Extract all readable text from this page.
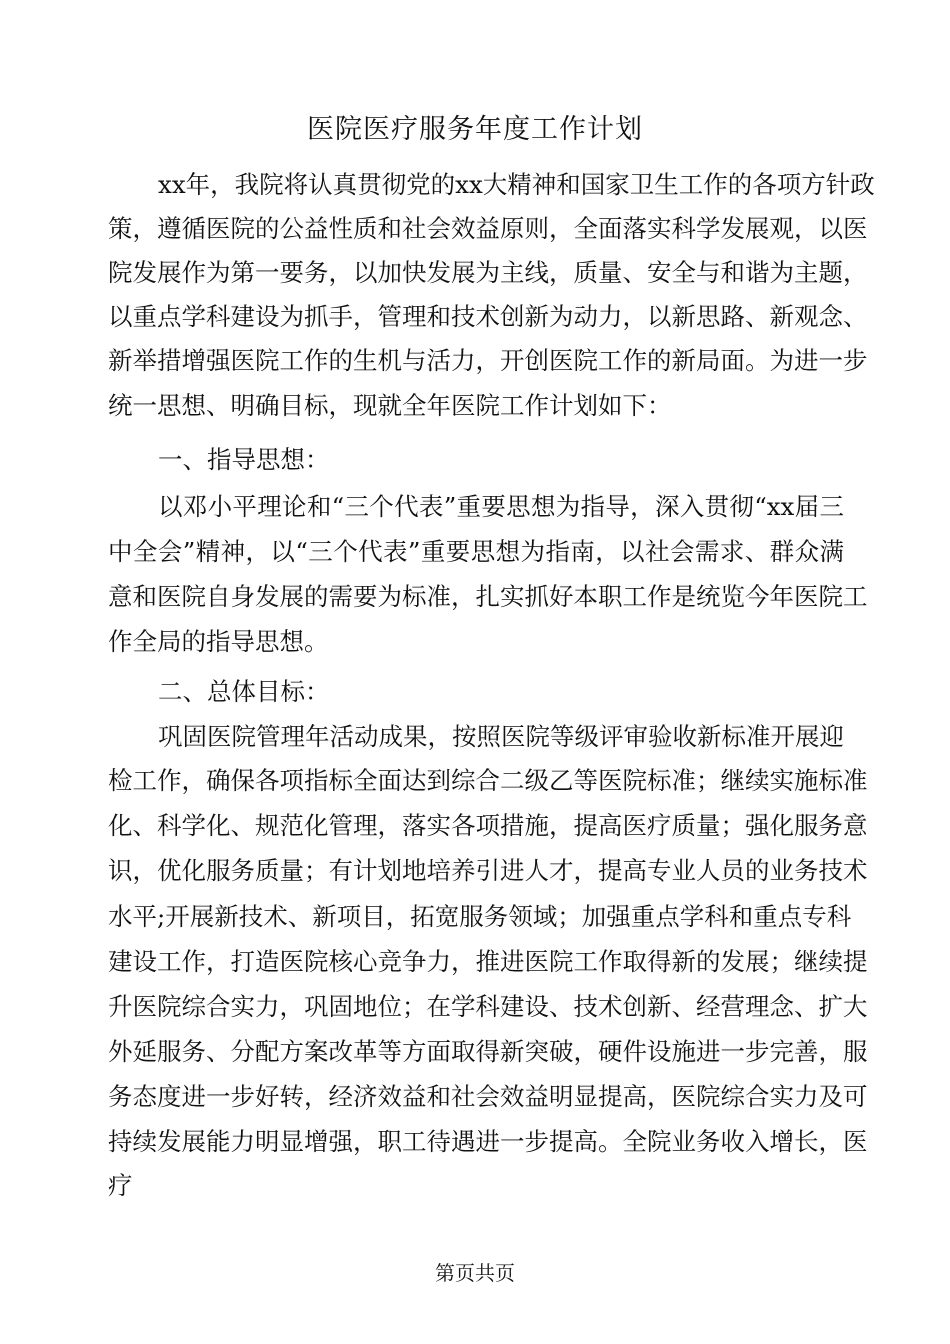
医院医疗服务年度工作计划
xx年，我院将认真贯彻党的xx大精神和国家卫生工作的各项方针政
策，遵循医院的公益性质和社会效益原则，全面落实科学发展观，以医
院发展作为第一要务，以加快发展为主线，质量、安全与和谐为主题，
以重点学科建设为抓手，管理和技术创新为动力，以新思路、新观念、
新举措增强医院工作的生机与活力，开创医院工作的新局面。为进一步
统一思想、明确目标，现就全年医院工作计划如下：
一、指导思想：
以邓小平理论和“三个代表”重要思想为指导，深入贯彻“xx届三
中全会”精神，以“三个代表”重要思想为指南，以社会需求、群众满
意和医院自身发展的需要为标准，扎实抓好本职工作是统览今年医院工
作全局的指导思想。
二、总体目标：
巩固医院管理年活动成果，按照医院等级评审验收新标准开展迎
检工作，确保各项指标全面达到综合二级乙等医院标准；继续实施标准
化、科学化、规范化管理，落实各项措施，提高医疗质量；强化服务意
识，优化服务质量；有计划地培养引进人才，提高专业人员的业务技术
水平;开展新技术、新项目，拓宽服务领域；加强重点学科和重点专科
建设工作，打造医院核心竞争力，推进医院工作取得新的发展；继续提
升医院综合实力，巩固地位；在学科建设、技术创新、经营理念、扩大
外延服务、分配方案改革等方面取得新突破，硬件设施进一步完善，服
务态度进一步好转，经济效益和社会效益明显提高，医院综合实力及可
持续发展能力明显增强，职工待遇进一步提高。全院业务收入增长，医
疗
第页共页
